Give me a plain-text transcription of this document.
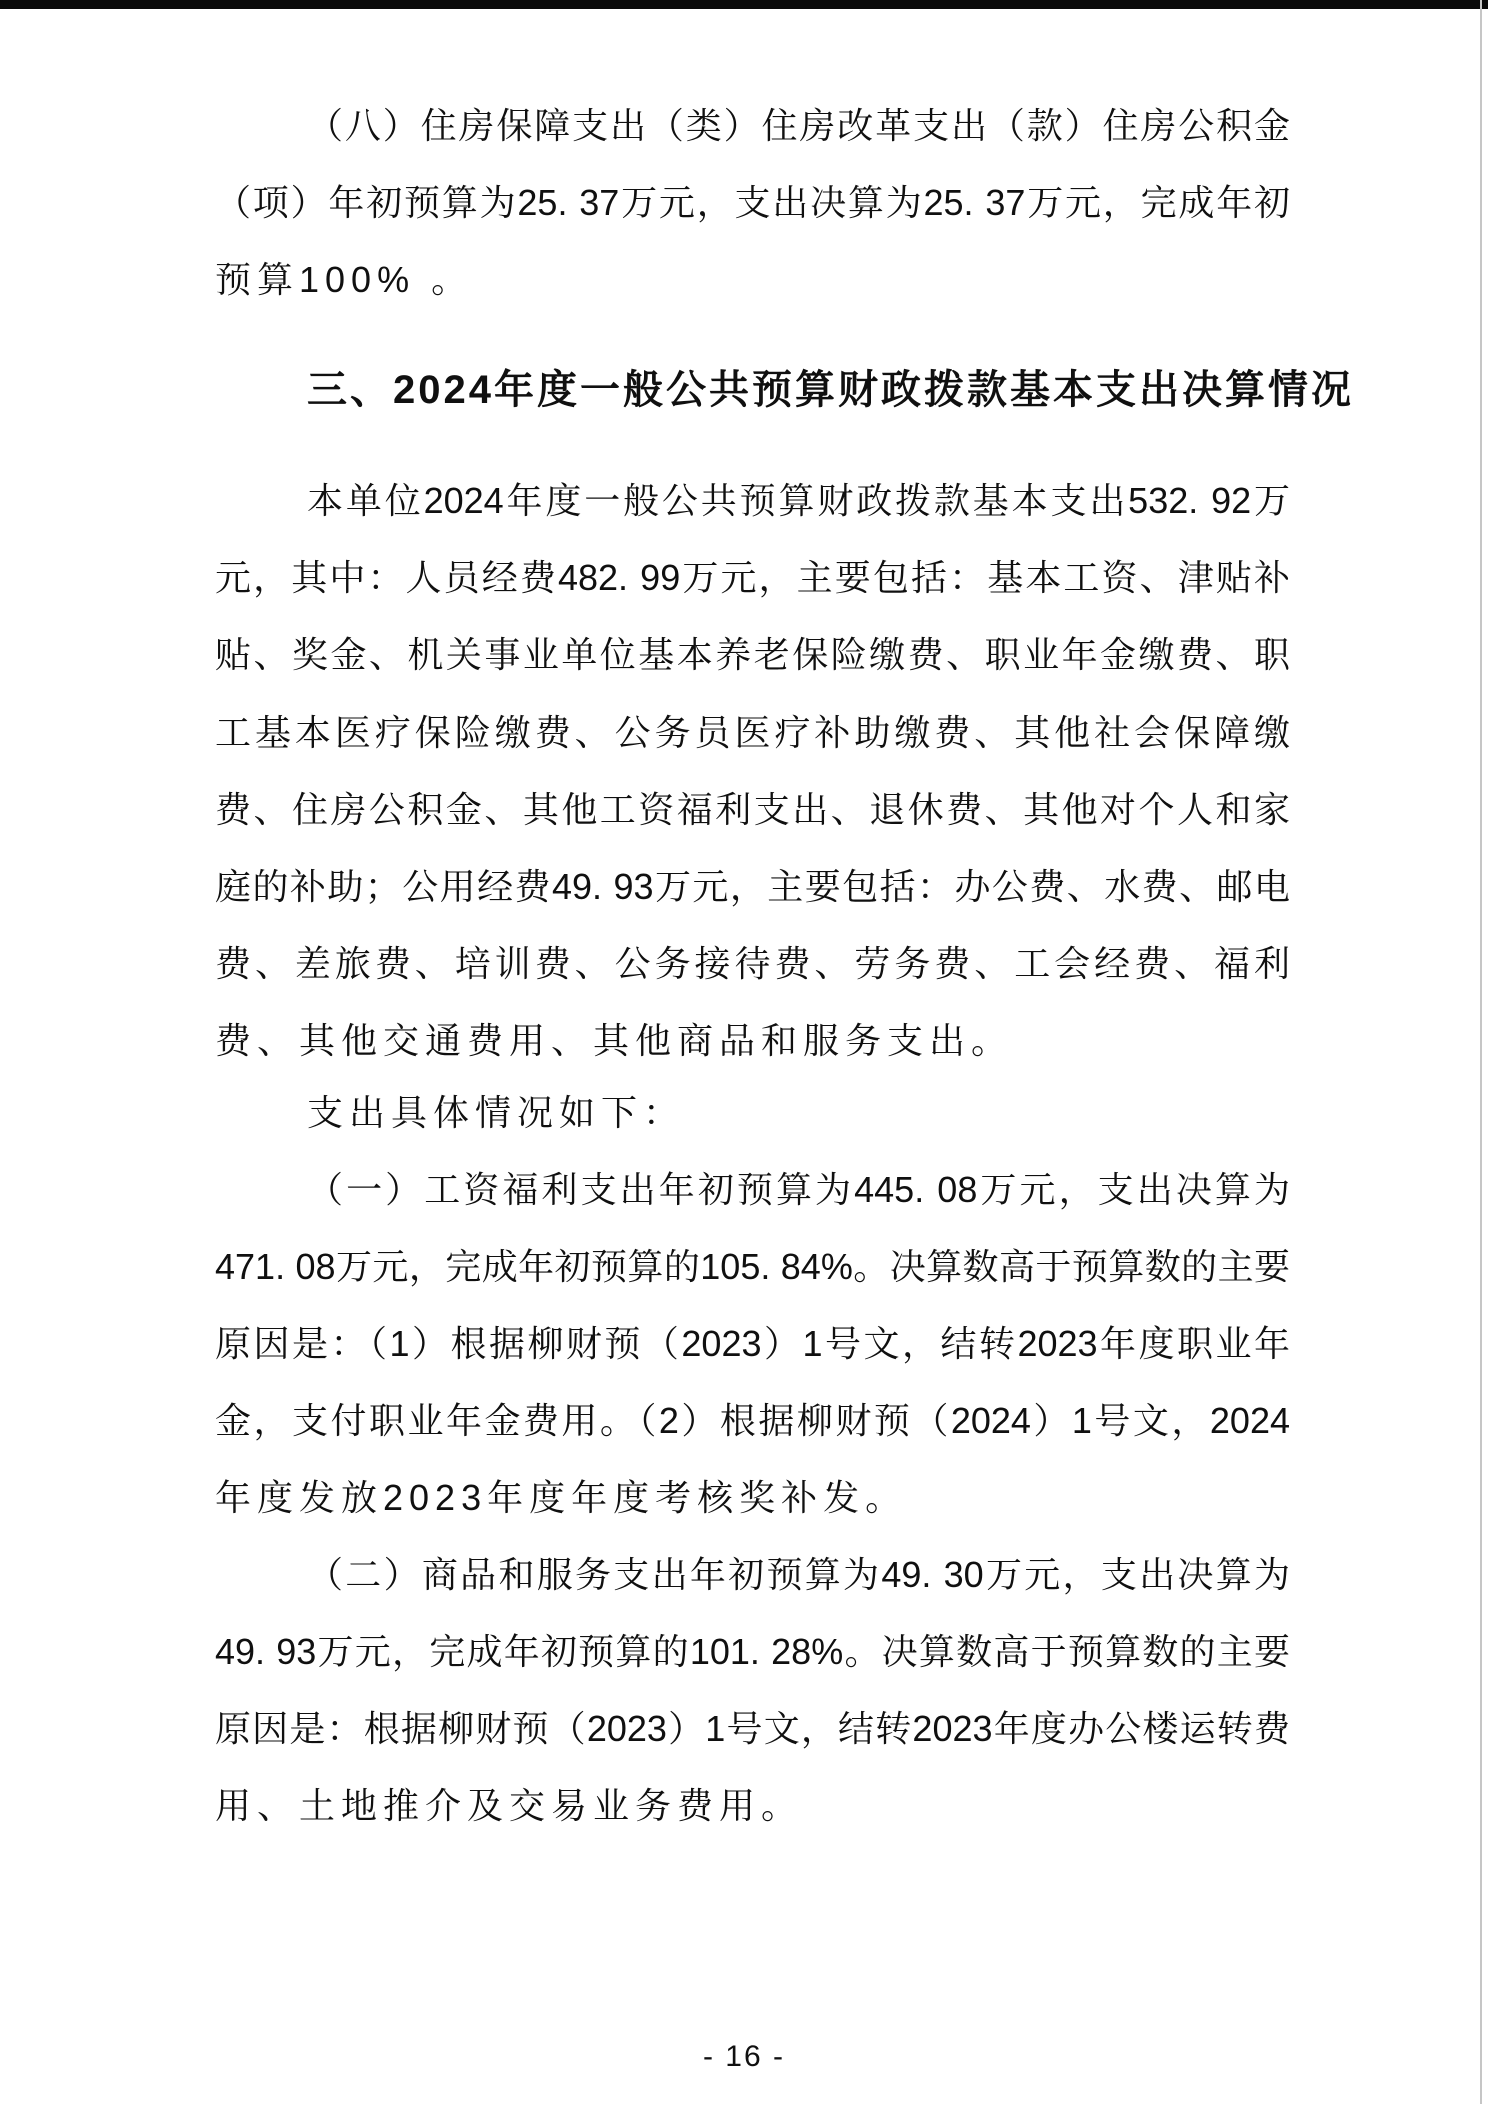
（八）住房保障支出（类）住房改革支出（款）住房公积金
（项）年初预算为25. 37万元，支出决算为25. 37万元，完成年初
预算100% 。
三、2024年度一般公共预算财政拨款基本支出决算情况
本单位2024年度一般公共预算财政拨款基本支出532. 92万
元，其中：人员经费482. 99万元，主要包括：基本工资、津贴补
贴、奖金、机关事业单位基本养老保险缴费、职业年金缴费、职
工基本医疗保险缴费、公务员医疗补助缴费、其他社会保障缴
费、住房公积金、其他工资福利支出、退休费、其他对个人和家
庭的补助；公用经费49. 93万元，主要包括：办公费、水费、邮电
费、差旅费、培训费、公务接待费、劳务费、工会经费、福利
费、其他交通费用、其他商品和服务支出。
支出具体情况如下：
（一）工资福利支出年初预算为445. 08万元，支出决算为
471. 08万元，完成年初预算的105. 84%。决算数高于预算数的主要
原因是：（1）根据柳财预（2023）1号文，结转2023年度职业年
金，支付职业年金费用。（2）根据柳财预（2024）1号文，2024
年度发放2023年度年度考核奖补发。
（二）商品和服务支出年初预算为49. 30万元，支出决算为
49. 93万元，完成年初预算的101. 28%。决算数高于预算数的主要
原因是：根据柳财预（2023）1号文，结转2023年度办公楼运转费
用、土地推介及交易业务费用。
- 16 -
